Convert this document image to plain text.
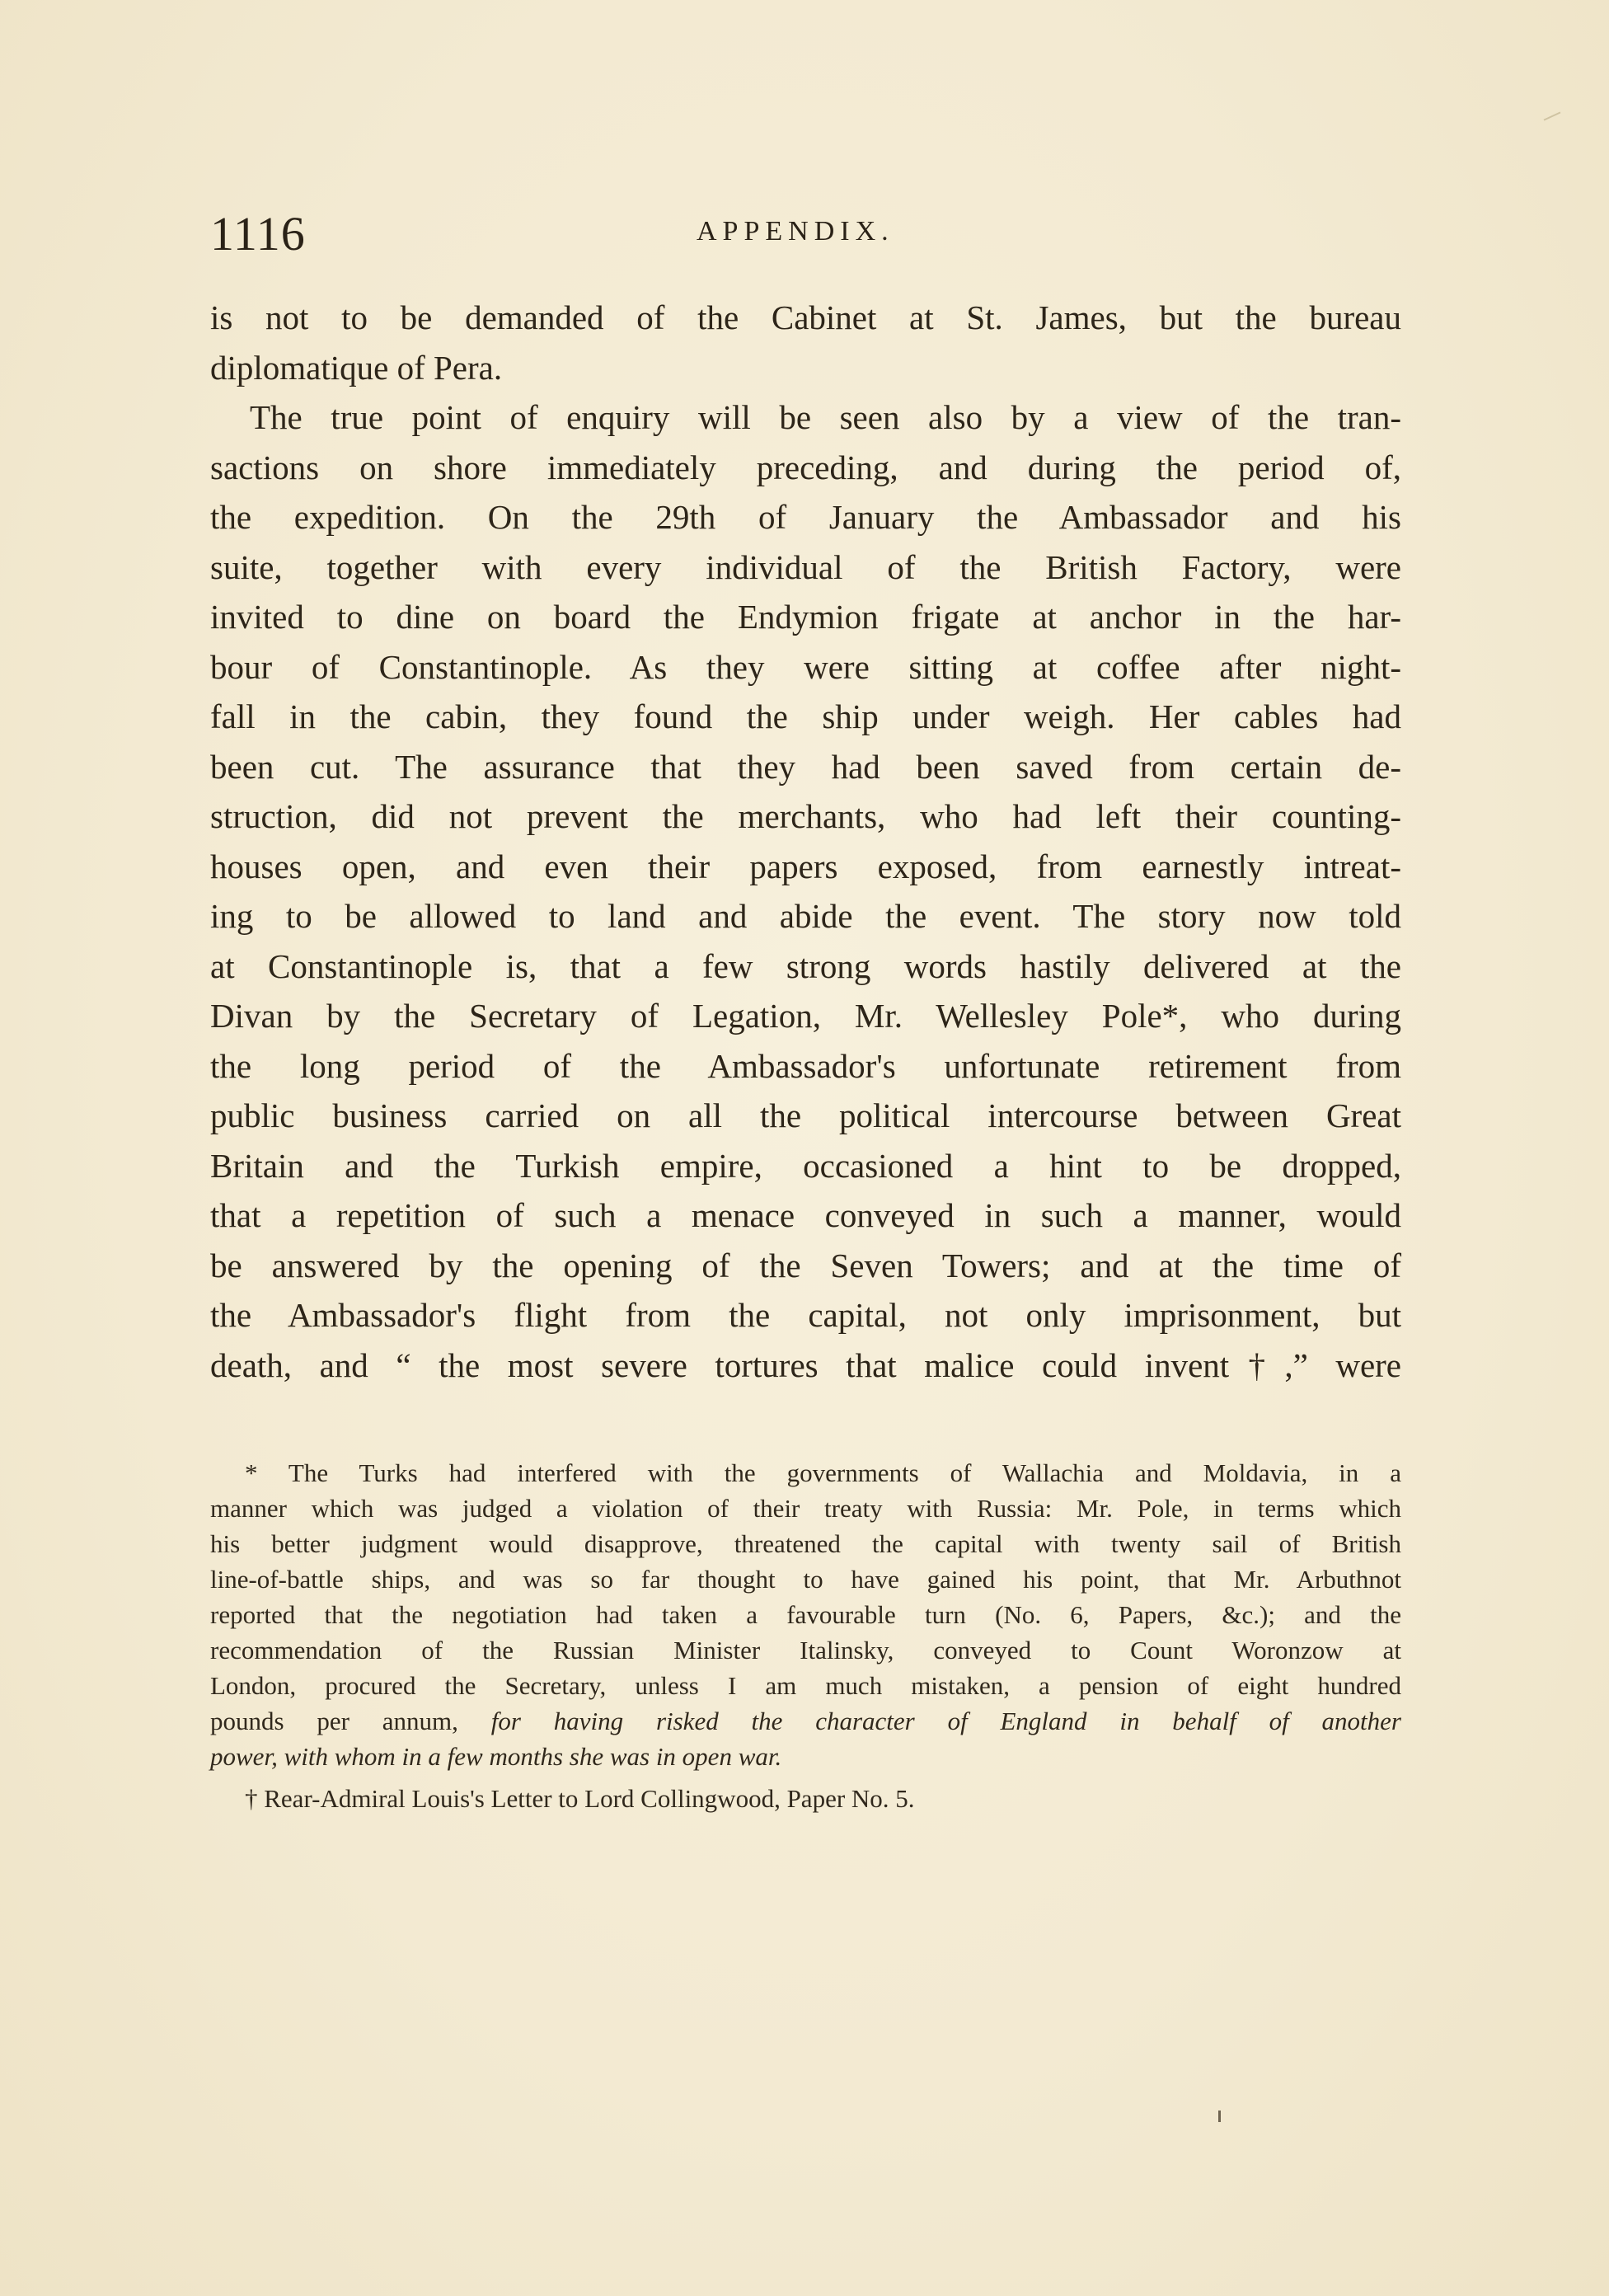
1116	APPENDIX.
is not to be demanded of the Cabinet at St. James, but the bureau
diplomatique of Pera.
The true point of enquiry will be seen also by a view of the tran-
sactions on shore immediately preceding, and during the period of,
the expedition. On the 29th of January the Ambassador and his
suite, together with every individual of the British Factory, were
invited to dine on board the Endymion frigate at anchor in the har-
bour of Constantinople. As they were sitting at coffee after night-
fall in the cabin, they found the ship under weigh. Her cables had
been cut. The assurance that they had been saved from certain de-
struction, did not prevent the merchants, who had left their counting-
houses open, and even their papers exposed, from earnestly intreat-
ing to be allowed to land and abide the event. The story now told
at Constantinople is, that a few strong words hastily delivered at the
Divan by the Secretary of Legation, Mr. Wellesley Pole*, who during
the long period of the Ambassador's unfortunate retirement from
public business carried on all the political intercourse between Great
Britain and the Turkish empire, occasioned a hint to be dropped,
that a repetition of such a menace conveyed in such a manner, would
be answered by the opening of the Seven Towers; and at the time of
the Ambassador's flight from the capital, not only imprisonment, but
death, and “ the most severe tortures that malice could invent†,” were
* The Turks had interfered with the governments of Wallachia and Moldavia, in a
manner which was judged a violation of their treaty with Russia: Mr. Pole, in terms which
his better judgment would disapprove, threatened the capital with twenty sail of British
line-of-battle ships, and was so far thought to have gained his point, that Mr. Arbuthnot
reported that the negotiation had taken a favourable turn (No. 6, Papers, &c.); and the
recommendation of the Russian Minister Italinsky, conveyed to Count Woronzow at
London, procured the Secretary, unless I am much mistaken, a pension of eight hundred
pounds per annum, for having risked the character of England in behalf of another
power, with whom in a few months she was in open war.
† Rear-Admiral Louis's Letter to Lord Collingwood, Paper No. 5.
